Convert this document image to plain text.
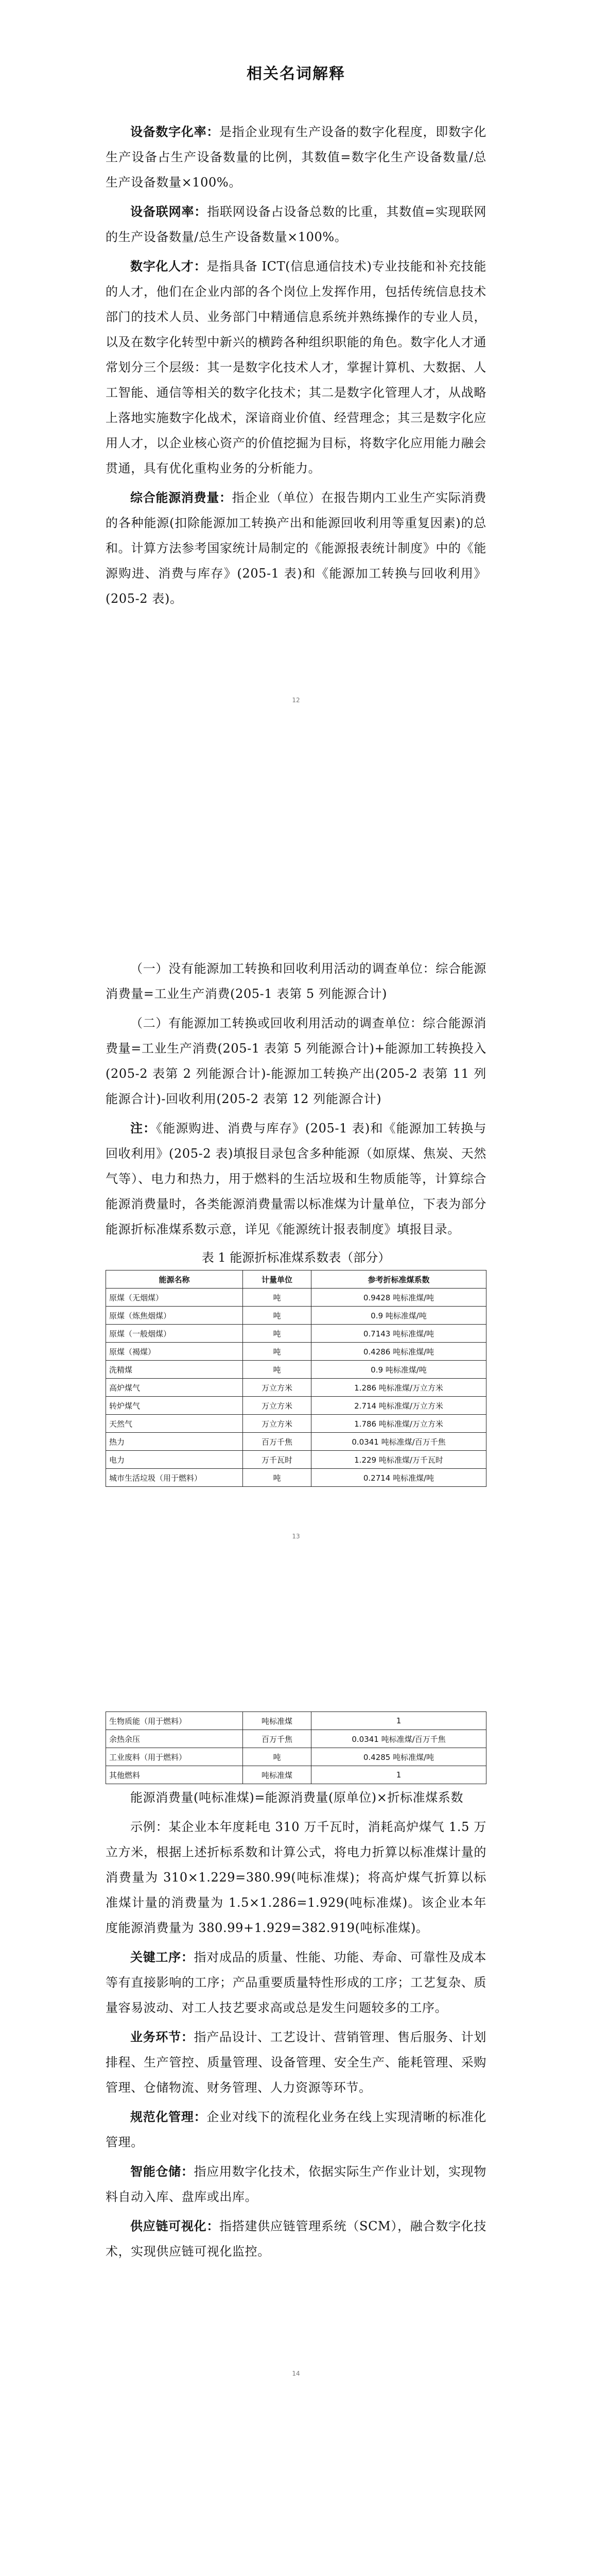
相关名词解释

设备数字化率：是指企业现有生产设备的数字化程度，即数字化生产设备占生产设备数量的比例，其数值=数字化生产设备数量/总生产设备数量×100%。

设备联网率：指联网设备占设备总数的比重，其数值=实现联网的生产设备数量/总生产设备数量×100%。

数字化人才：是指具备 ICT(信息通信技术)专业技能和补充技能的人才，他们在企业内部的各个岗位上发挥作用，包括传统信息技术部门的技术人员、业务部门中精通信息系统并熟练操作的专业人员，以及在数字化转型中新兴的横跨各种组织职能的角色。数字化人才通常划分三个层级：其一是数字化技术人才，掌握计算机、大数据、人工智能、通信等相关的数字化技术；其二是数字化管理人才，从战略上落地实施数字化战术，深谙商业价值、经营理念；其三是数字化应用人才，以企业核心资产的价值挖掘为目标，将数字化应用能力融会贯通，具有优化重构业务的分析能力。

综合能源消费量：指企业（单位）在报告期内工业生产实际消费的各种能源(扣除能源加工转换产出和能源回收利用等重复因素)的总和。计算方法参考国家统计局制定的《能源报表统计制度》中的《能源购进、消费与库存》(205-1 表)和《能源加工转换与回收利用》(205-2 表)。

12

（一）没有能源加工转换和回收利用活动的调查单位：综合能源消费量=工业生产消费(205-1 表第 5 列能源合计)

（二）有能源加工转换或回收利用活动的调查单位：综合能源消费量=工业生产消费(205-1 表第 5 列能源合计)+能源加工转换投入(205-2 表第 2 列能源合计)-能源加工转换产出(205-2 表第 11 列能源合计)-回收利用(205-2 表第 12 列能源合计)

注：《能源购进、消费与库存》(205-1 表)和《能源加工转换与回收利用》(205-2 表)填报目录包含多种能源（如原煤、焦炭、天然气等）、电力和热力，用于燃料的生活垃圾和生物质能等，计算综合能源消费量时，各类能源消费量需以标准煤为计量单位，下表为部分能源折标准煤系数示意，详见《能源统计报表制度》填报目录。

表 1 能源折标准煤系数表（部分）
能源名称	计量单位	参考折标准煤系数
原煤（无烟煤）	吨	0.9428 吨标准煤/吨
原煤（炼焦烟煤）	吨	0.9 吨标准煤/吨
原煤（一般烟煤）	吨	0.7143 吨标准煤/吨
原煤（褐煤）	吨	0.4286 吨标准煤/吨
洗精煤	吨	0.9 吨标准煤/吨
高炉煤气	万立方米	1.286 吨标准煤/万立方米
转炉煤气	万立方米	2.714 吨标准煤/万立方米
天然气	万立方米	1.786 吨标准煤/万立方米
热力	百万千焦	0.0341 吨标准煤/百万千焦
电力	万千瓦时	1.229 吨标准煤/万千瓦时
城市生活垃圾（用于燃料）	吨	0.2714 吨标准煤/吨
13
生物质能（用于燃料）	吨标准煤	1
余热余压	百万千焦	0.0341 吨标准煤/百万千焦
工业废料（用于燃料）	吨	0.4285 吨标准煤/吨
其他燃料	吨标准煤	1

能源消费量(吨标准煤)=能源消费量(原单位)×折标准煤系数

示例：某企业本年度耗电 310 万千瓦时，消耗高炉煤气 1.5 万立方米，根据上述折标系数和计算公式，将电力折算以标准煤计量的消费量为 310×1.229=380.99(吨标准煤)；将高炉煤气折算以标准煤计量的消费量为 1.5×1.286=1.929(吨标准煤)。该企业本年度能源消费量为 380.99+1.929=382.919(吨标准煤)。

关键工序：指对成品的质量、性能、功能、寿命、可靠性及成本等有直接影响的工序；产品重要质量特性形成的工序；工艺复杂、质量容易波动、对工人技艺要求高或总是发生问题较多的工序。

业务环节：指产品设计、工艺设计、营销管理、售后服务、计划排程、生产管控、质量管理、设备管理、安全生产、能耗管理、采购管理、仓储物流、财务管理、人力资源等环节。

规范化管理：企业对线下的流程化业务在线上实现清晰的标准化管理。

智能仓储：指应用数字化技术，依据实际生产作业计划，实现物料自动入库、盘库或出库。

供应链可视化：指搭建供应链管理系统（SCM），融合数字化技术，实现供应链可视化监控。

14
